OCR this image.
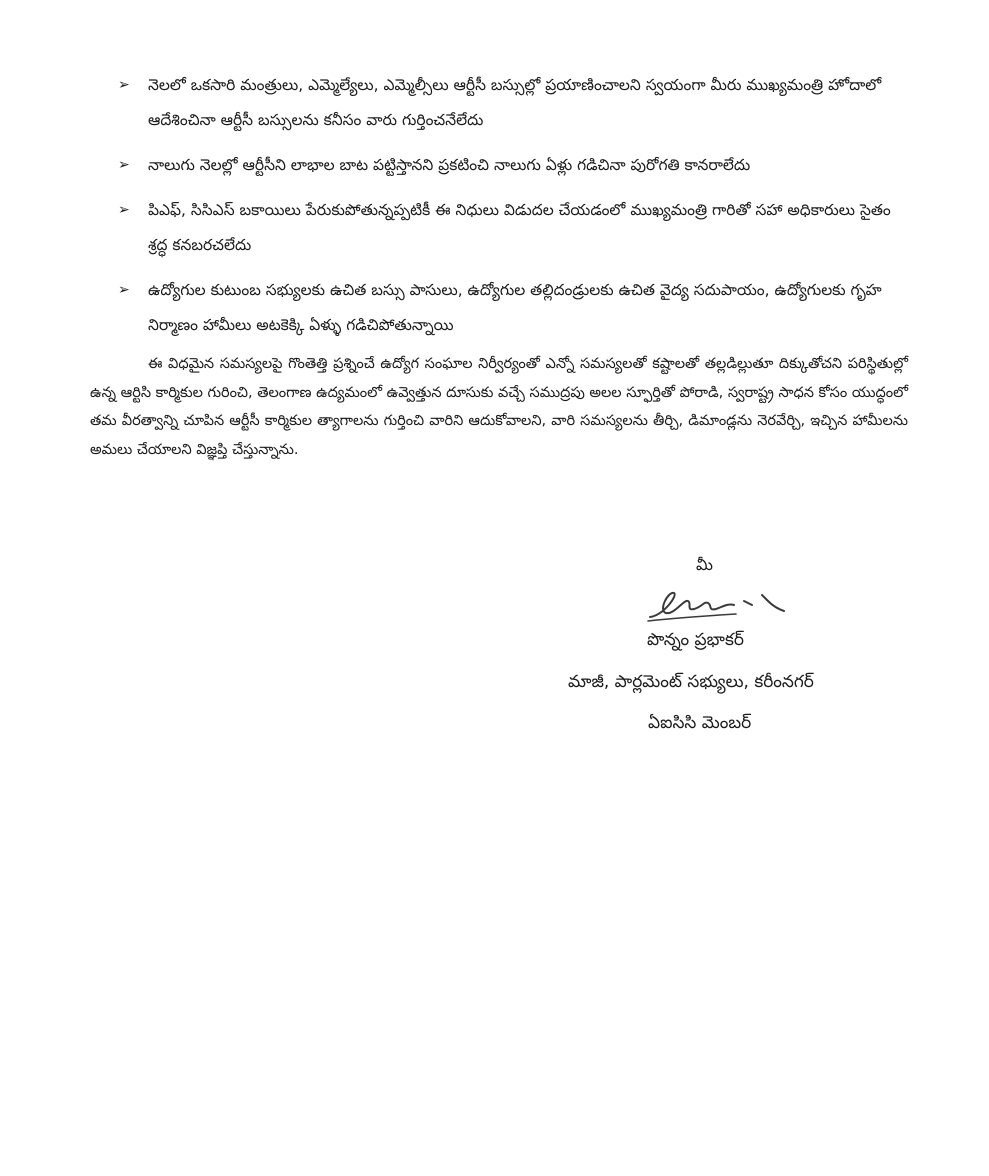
➢ నెలలో ఒకసారి మంత్రులు, ఎమ్మెల్యేలు, ఎమ్మెల్సీలు ఆర్టీసీ బస్సుల్లో ప్రయాణించాలని స్వయంగా మీరు ముఖ్యమంత్రి హోదాలో ఆదేశించినా ఆర్టీసీ బస్సులను కనీసం వారు గుర్తించనేలేదు
➢ నాలుగు నెలల్లో ఆర్టీసీని లాభాల బాట పట్టిస్తానని ప్రకటించి నాలుగు ఏళ్లు గడిచినా పురోగతి కానరాలేదు
➢ పిఎఫ్, సిసిఎస్ బకాయిలు పేరుకుపోతున్నప్పటికీ ఈ నిధులు విడుదల చేయడంలో ముఖ్యమంత్రి గారితో సహా అధికారులు సైతం శ్రద్ధ కనబరచలేదు
➢ ఉద్యోగుల కుటుంబ సభ్యులకు ఉచిత బస్సు పాసులు, ఉద్యోగుల తల్లిదండ్రులకు ఉచిత వైద్య సదుపాయం, ఉద్యోగులకు గృహ నిర్మాణం హామీలు అటకెక్కి ఏళ్ళు గడిచిపోతున్నాయి

ఈ విధమైన సమస్యలపై గొంతెత్తి ప్రశ్నించే ఉద్యోగ సంఘాల నిర్వీర్యంతో ఎన్నో సమస్యలతో కష్టాలతో తల్లడిల్లుతూ దిక్కుతోచని పరిస్థితుల్లో ఉన్న ఆర్టిసి కార్మికుల గురించి, తెలంగాణ ఉద్యమంలో ఉవ్వెత్తున దూసుకు వచ్చే సముద్రపు అలల స్ఫూర్తితో పోరాడి, స్వరాష్ట్ర సాధన కోసం యుద్ధంలో తమ వీరత్వాన్ని చూపిన ఆర్టీసీ కార్మికుల త్యాగాలను గుర్తించి వారిని ఆదుకోవాలని, వారి సమస్యలను తీర్చి, డిమాండ్లను నెరవేర్చి, ఇచ్చిన హామీలను అమలు చేయాలని విజ్ఞప్తి చేస్తున్నాను.

మీ
పొన్నం ప్రభాకర్
మాజీ, పార్లమెంట్ సభ్యులు, కరీంనగర్
ఏఐసిసి మెంబర్
